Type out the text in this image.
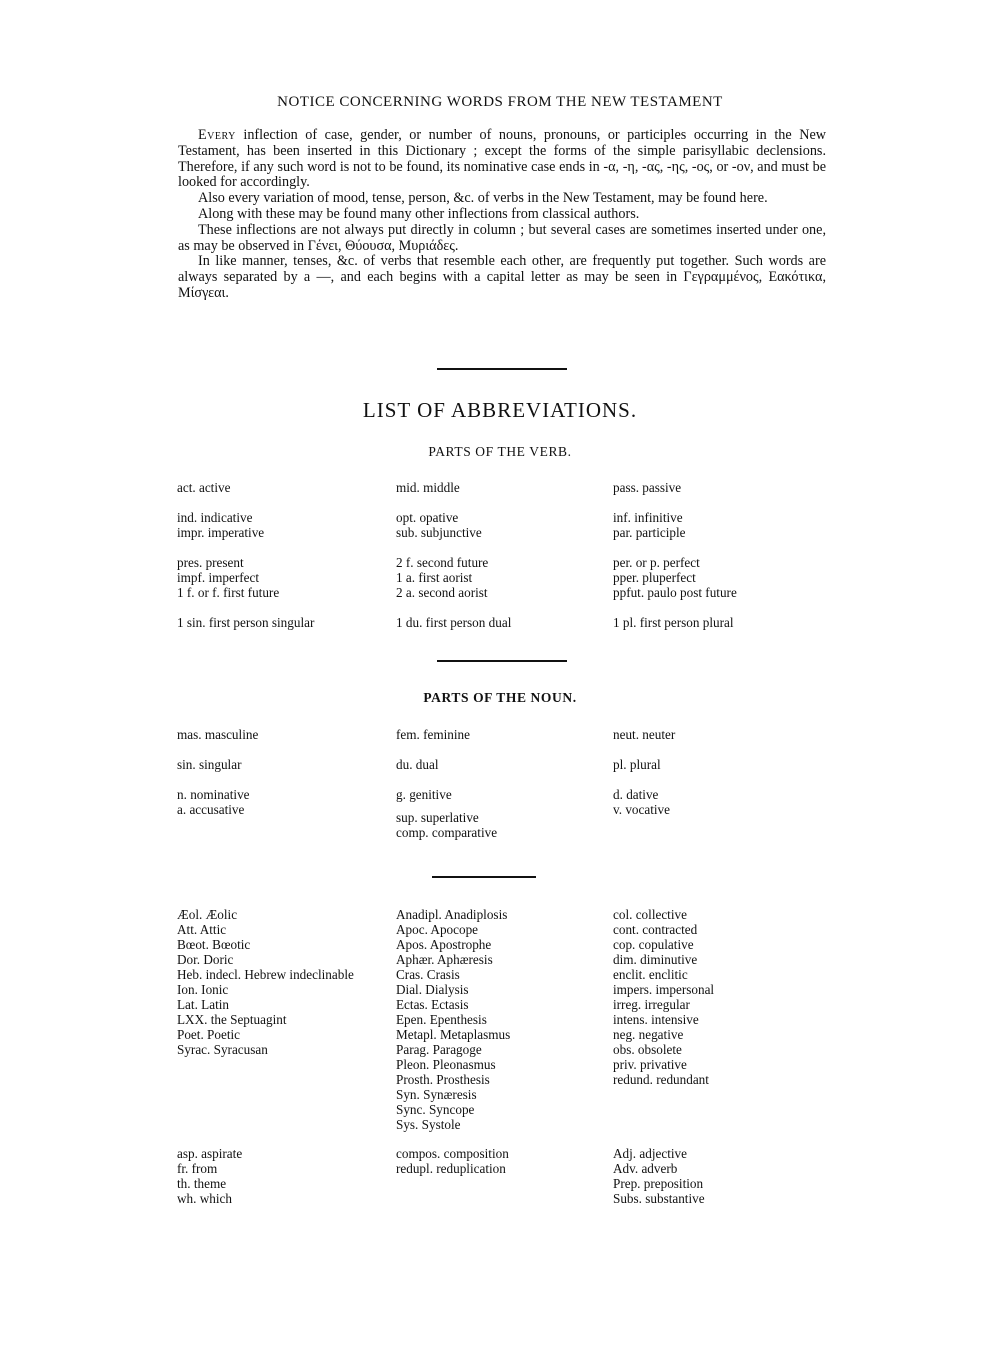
NOTICE CONCERNING WORDS FROM THE NEW TESTAMENT

Every inflection of case, gender, or number of nouns, pronouns, or participles occurring in the New Testament, has been inserted in this Dictionary ; except the forms of the simple parisyllabic declensions. Therefore, if any such word is not to be found, its nominative case ends in -α, -η, -ας, -ης, -ος, or -ον, and must be looked for accordingly.

Also every variation of mood, tense, person, &c. of verbs in the New Testament, may be found here.

Along with these may be found many other inflections from classical authors.

These inflections are not always put directly in column ; but several cases are sometimes inserted under one, as may be observed in Γένει, Θύουσα, Μυριάδες.

In like manner, tenses, &c. of verbs that resemble each other, are frequently put together. Such words are always separated by a —, and each begins with a capital letter as may be seen in Γεγραμμένος, Εακότικα, Μίσγεαι.

LIST OF ABBREVIATIONS.
PARTS OF THE VERB.
act. active
ind. indicative
impr. imperative
pres. present
impf. imperfect
1 f. or f. first future
1 sin. first person singular
mid. middle
opt. opative
sub. subjunctive
2 f. second future
1 a. first aorist
2 a. second aorist
1 du. first person dual
pass. passive
inf. infinitive
par. participle
per. or p. perfect
pper. pluperfect
ppfut. paulo post future
1 pl. first person plural
PARTS OF THE NOUN.
mas. masculine
sin. singular
n. nominative
a. accusative
fem. feminine
du. dual
g. genitive
sup. superlative
comp. comparative
neut. neuter
pl. plural
d. dative
v. vocative
Æol. Æolic
Att. Attic
Bœot. Bœotic
Dor. Doric
Heb. indecl. Hebrew indeclinable
Ion. Ionic
Lat. Latin
LXX. the Septuagint
Poet. Poetic
Syrac. Syracusan
Anadipl. Anadiplosis
Apoc. Apocope
Apos. Apostrophe
Aphær. Aphæresis
Cras. Crasis
Dial. Dialysis
Ectas. Ectasis
Epen. Epenthesis
Metapl. Metaplasmus
Parag. Paragoge
Pleon. Pleonasmus
Prosth. Prosthesis
Syn. Synæresis
Sync. Syncope
Sys. Systole
col. collective
cont. contracted
cop. copulative
dim. diminutive
enclit. enclitic
impers. impersonal
irreg. irregular
intens. intensive
neg. negative
obs. obsolete
priv. privative
redund. redundant
asp. aspirate
fr. from
th. theme
wh. which
compos. composition
redupl. reduplication
Adj. adjective
Adv. adverb
Prep. preposition
Subs. substantive
